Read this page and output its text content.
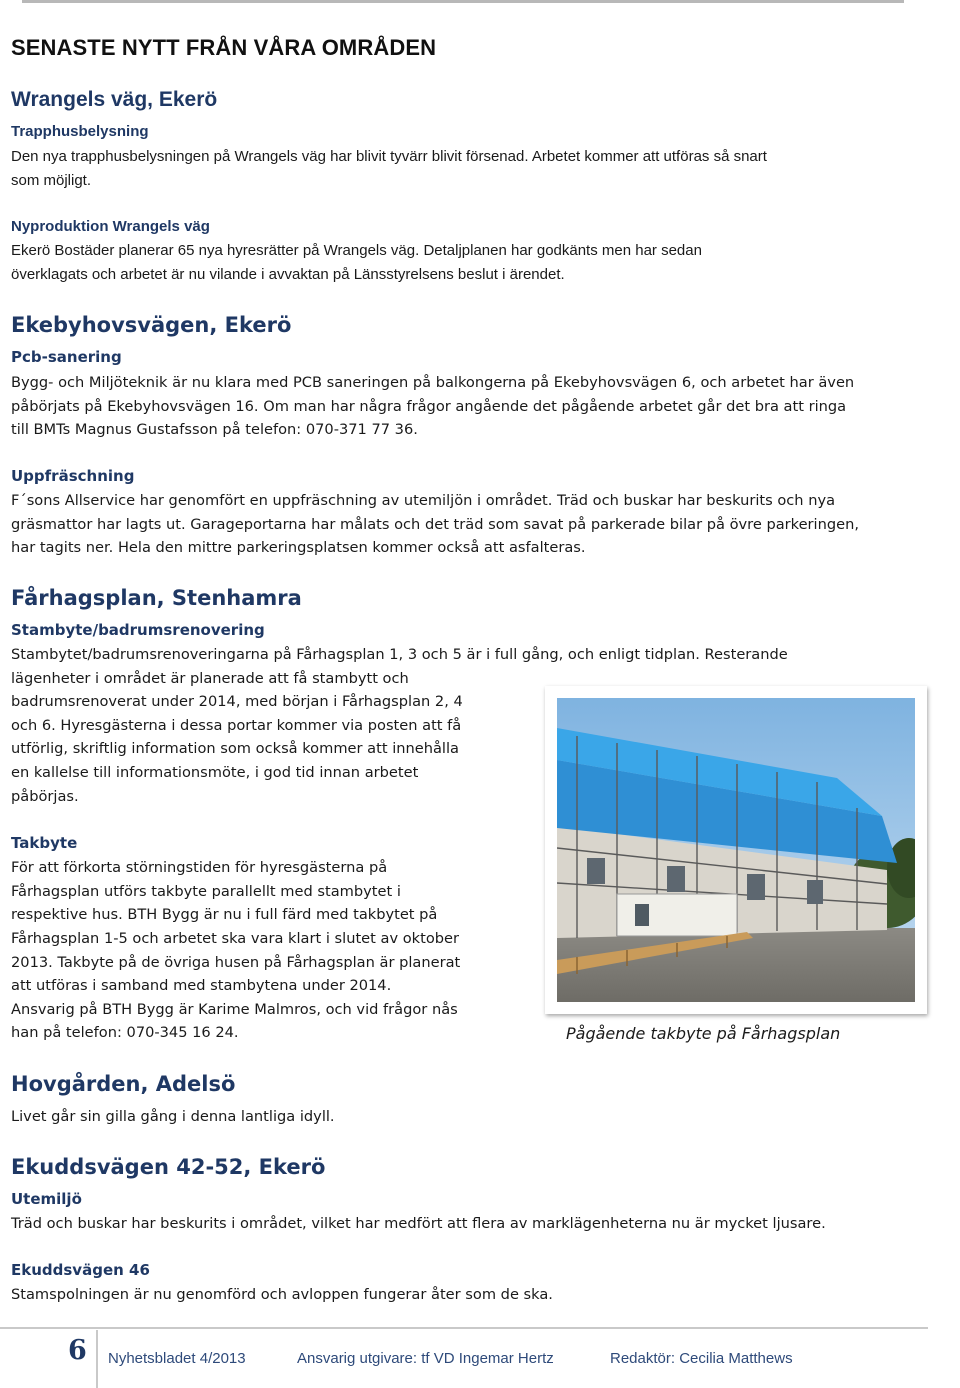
SENASTE NYTT FRÅN VÅRA OMRÅDEN
Wrangels väg, Ekerö
Trapphusbelysning
Den nya trapphusbelysningen på Wrangels väg har blivit tyvärr blivit försenad. Arbetet kommer att utföras så snart
som möjligt.
Nyproduktion Wrangels väg
Ekerö Bostäder planerar 65 nya hyresrätter på Wrangels väg. Detaljplanen har godkänts men har sedan
överklagats och arbetet är nu vilande i avvaktan på Länsstyrelsens beslut i ärendet.
Ekebyhovsvägen, Ekerö
Pcb-sanering
Bygg- och Miljöteknik är nu klara med PCB saneringen på balkongerna på Ekebyhovsvägen 6, och arbetet har även
påbörjats på Ekebyhovsvägen 16. Om man har några frågor angående det pågående arbetet går det bra att ringa
till BMTs Magnus Gustafsson på telefon: 070-371 77 36.
Uppfräschning
F´sons Allservice har genomfört en uppfräschning av utemiljön i området. Träd och buskar har beskurits och nya
gräsmattor har lagts ut. Garageportarna har målats och det träd som savat på parkerade bilar på övre parkeringen,
har tagits ner. Hela den mittre parkeringsplatsen kommer också att asfalteras.
Fårhagsplan, Stenhamra
Stambyte/badrumsrenovering
Stambytet/badrumsrenoveringarna på Fårhagsplan 1, 3 och 5 är i full gång, och enligt tidplan. Resterande
lägenheter i området är planerade att få stambytt och
badrumsrenoverat under 2014, med början i Fårhagsplan 2, 4
och 6. Hyresgästerna i dessa portar kommer via posten att få
utförlig, skriftlig information som också kommer att innehålla
en kallelse till informationsmöte, i god tid innan arbetet
påbörjas.
Takbyte
För att förkorta störningstiden för hyresgästerna på
Fårhagsplan utförs takbyte parallellt med stambytet i
respektive hus. BTH Bygg är nu i full färd med takbytet på
Fårhagsplan 1-5 och arbetet ska vara klart i slutet av oktober
2013. Takbyte på de övriga husen på Fårhagsplan är planerat
att utföras i samband med stambytena under 2014.
Ansvarig på BTH Bygg är Karime Malmros, och vid frågor nås
han på telefon: 070-345 16 24.	Pågående takbyte på Fårhagsplan
Hovgården, Adelsö
Livet går sin gilla gång i denna lantliga idyll.
Ekuddsvägen 42-52, Ekerö
Utemiljö
Träd och buskar har beskurits i området, vilket har medfört att flera av marklägenheterna nu är mycket ljusare.
Ekuddsvägen 46
Stamspolningen är nu genomförd och avloppen fungerar åter som de ska.
6 Nyhetsbladet 4/2013	Ansvarig utgivare: tf VD Ingemar Hertz	Redaktör: Cecilia Matthews
